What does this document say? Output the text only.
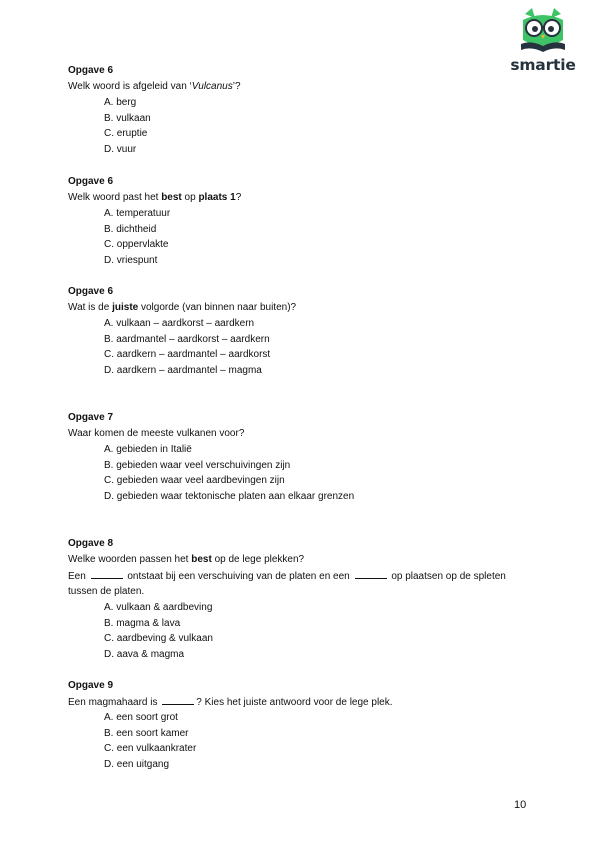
smartie
Opgave 6
Welk woord is afgeleid van ‘Vulcanus’?
A. berg
B. vulkaan
C. eruptie
D. vuur
Opgave 6
Welk woord past het best op plaats 1?
A. temperatuur
B. dichtheid
C. oppervlakte
D. vriespunt
Opgave 6
Wat is de juiste volgorde (van binnen naar buiten)?
A. vulkaan – aardkorst – aardkern
B. aardmantel – aardkorst – aardkern
C. aardkern – aardmantel – aardkorst
D. aardkern – aardmantel – magma
Opgave 7
Waar komen de meeste vulkanen voor?
A. gebieden in Italië
B. gebieden waar veel verschuivingen zijn
C. gebieden waar veel aardbevingen zijn
D. gebieden waar tektonische platen aan elkaar grenzen
Opgave 8
Welke woorden passen het best op de lege plekken?
Een	ontstaat bij een verschuiving van de platen en een	op plaatsen op de spleten
tussen de platen.
A. vulkaan & aardbeving
B. magma & lava
C. aardbeving & vulkaan
D. aava & magma
Opgave 9
Een magmahaard is	? Kies het juiste antwoord voor de lege plek.
A. een soort grot
B. een soort kamer
C. een vulkaankrater
D. een uitgang
10
